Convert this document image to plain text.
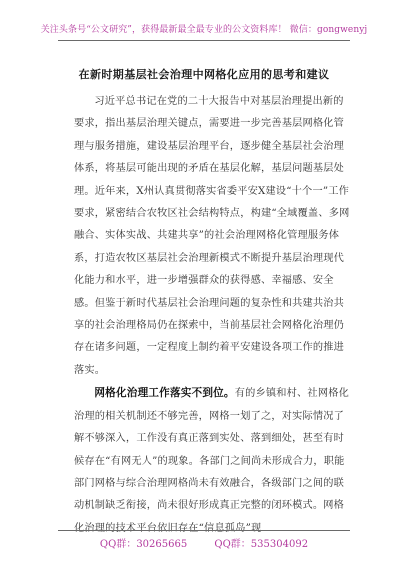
关注头条号“公文研究”，获得最新最全最专业的公文资料库！ 微信：gongwenyj
在新时期基层社会治理中网格化应用的思考和建议

习近平总书记在党的二十大报告中对基层治理提出新的要求，指出基层治理关键点，需要进一步完善基层网格化管理与服务措施，建设基层治理平台，逐步健全基层社会治理体系，将基层可能出现的矛盾在基层化解，基层问题基层处理。近年来，X州认真贯彻落实省委平安X建设“十个一”工作要求，紧密结合农牧区社会结构特点，构建“全域覆盖、多网融合、实体实战、共建共享”的社会治理网格化管理服务体系，打造农牧区基层社会治理新模式不断提升基层治理现代化能力和水平，进一步增强群众的获得感、幸福感、安全感。但鉴于新时代基层社会治理问题的复杂性和共建共治共享的社会治理格局仍在探索中，当前基层社会网格化治理仍存在诸多问题，一定程度上制约着平安建设各项工作的推进落实。

网格化治理工作落实不到位。有的乡镇和村、社网格化治理的相关机制还不够完善，网格一划了之，对实际情况了解不够深入，工作没有真正落到实处、落到细处，甚至有时候存在“有网无人”的现象。各部门之间尚未形成合力，职能部门网格与综合治理网格尚未有效融合，各级部门之间的联动机制缺乏衔接，尚未很好形成真正完整的闭环模式。网格化治理的技术平台依旧存在“信息孤岛”现

QQ群：30265665	QQ群：535304092
